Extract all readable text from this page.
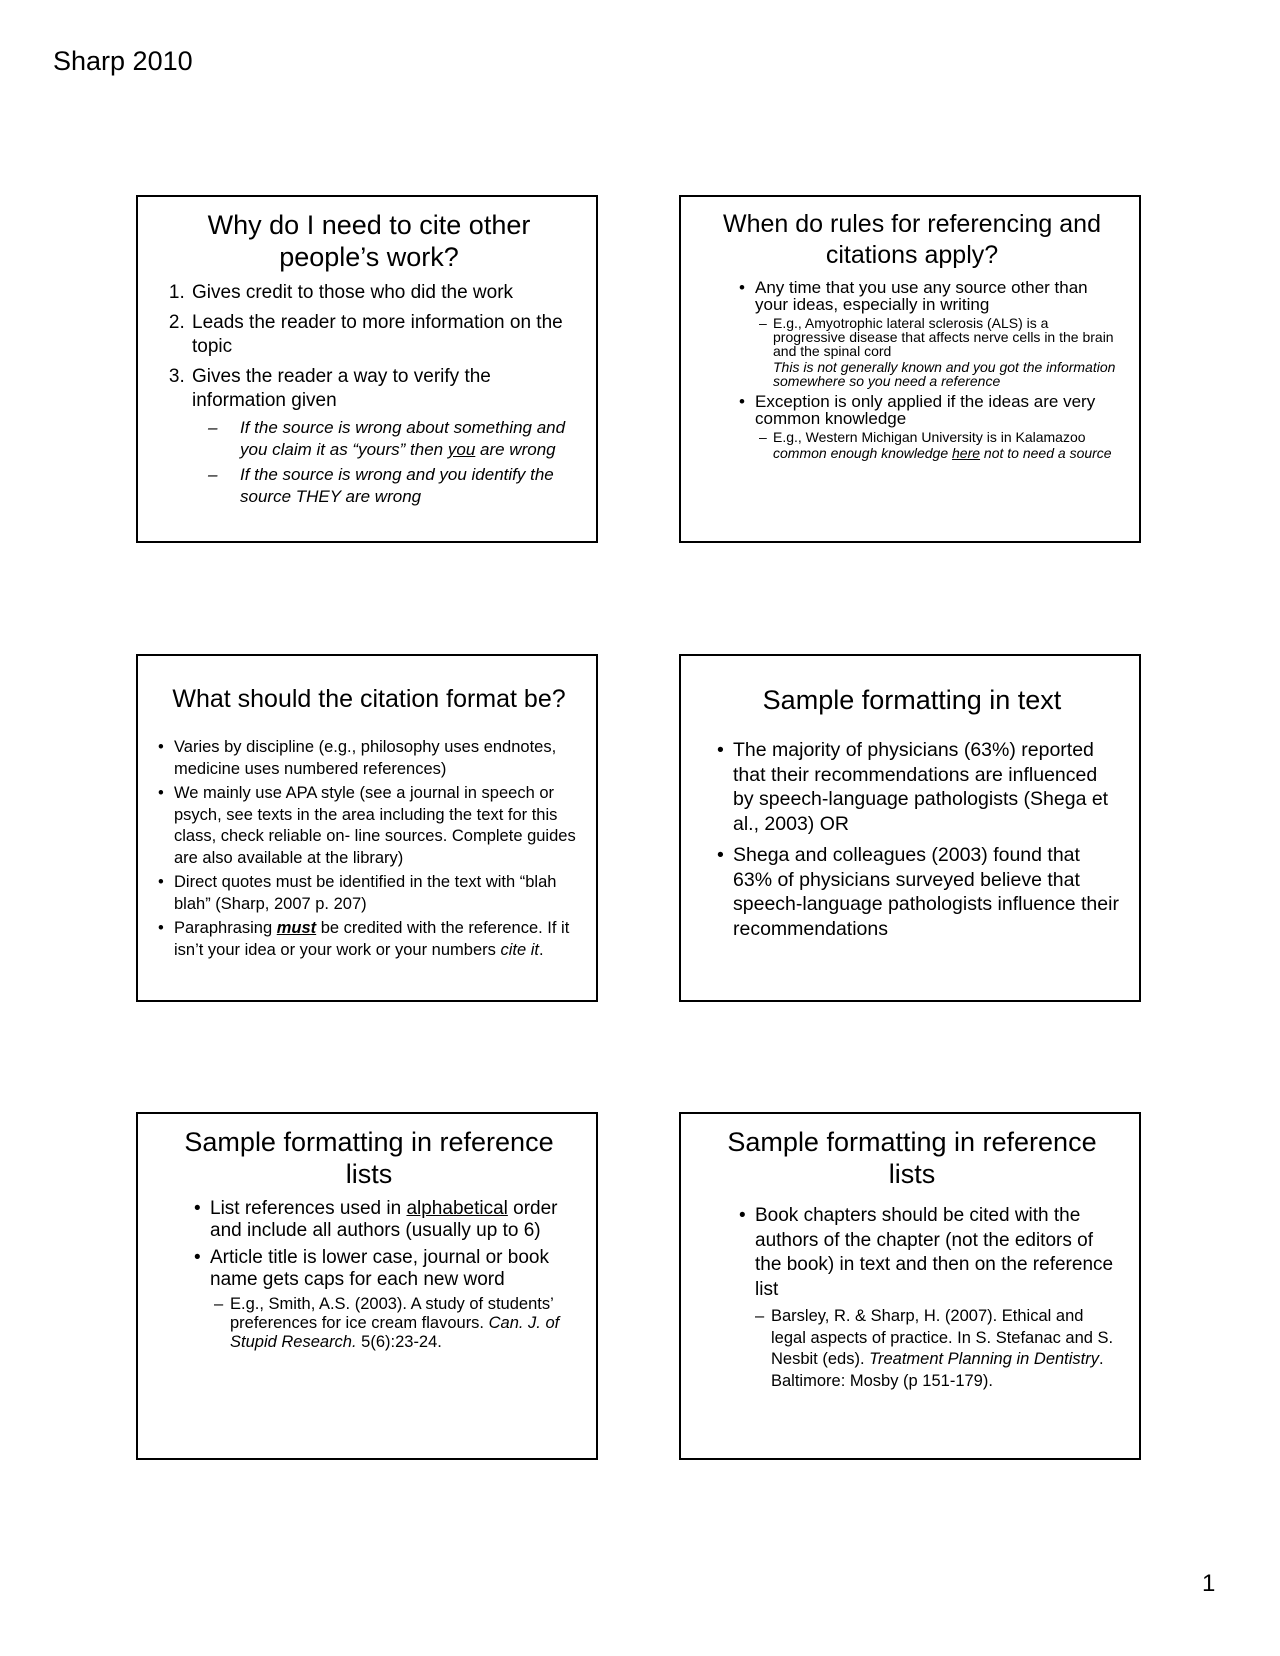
Sharp 2010
Why do I need to cite other people’s work?
1. Gives credit to those who did the work
2. Leads the reader to more information on the topic
3. Gives the reader a way to verify the information given
– If the source is wrong about something and you claim it as “yours” then you are wrong
– If the source is wrong and you identify the source THEY are wrong
When do rules for referencing and citations apply?
• Any time that you use any source other than your ideas, especially in writing
– E.g., Amyotrophic lateral sclerosis (ALS) is a progressive disease that affects nerve cells in the brain and the spinal cord
This is not generally known and you got the information somewhere so you need a reference
• Exception is only applied if the ideas are very common knowledge
– E.g., Western Michigan University is in Kalamazoo
common enough knowledge here not to need a source
What should the citation format be?
• Varies by discipline (e.g., philosophy uses endnotes, medicine uses numbered references)
• We mainly use APA style (see a journal in speech or psych, see texts in the area including the text for this class, check reliable on- line sources. Complete guides are also available at the library)
• Direct quotes must be identified in the text with “blah blah” (Sharp, 2007 p. 207)
• Paraphrasing must be credited with the reference. If it isn’t your idea or your work or your numbers cite it.
Sample formatting in text
• The majority of physicians (63%) reported that their recommendations are influenced by speech-language pathologists (Shega et al., 2003) OR
• Shega and colleagues (2003) found that 63% of physicians surveyed believe that speech-language pathologists influence their recommendations
Sample formatting in reference lists
• List references used in alphabetical order and include all authors (usually up to 6)
• Article title is lower case, journal or book name gets caps for each new word
– E.g., Smith, A.S. (2003). A study of students’ preferences for ice cream flavours. Can. J. of Stupid Research. 5(6):23-24.
Sample formatting in reference lists
• Book chapters should be cited with the authors of the chapter (not the editors of the book) in text and then on the reference list
– Barsley, R. & Sharp, H. (2007). Ethical and legal aspects of practice. In S. Stefanac and S. Nesbit (eds). Treatment Planning in Dentistry. Baltimore: Mosby (p 151-179).
1
